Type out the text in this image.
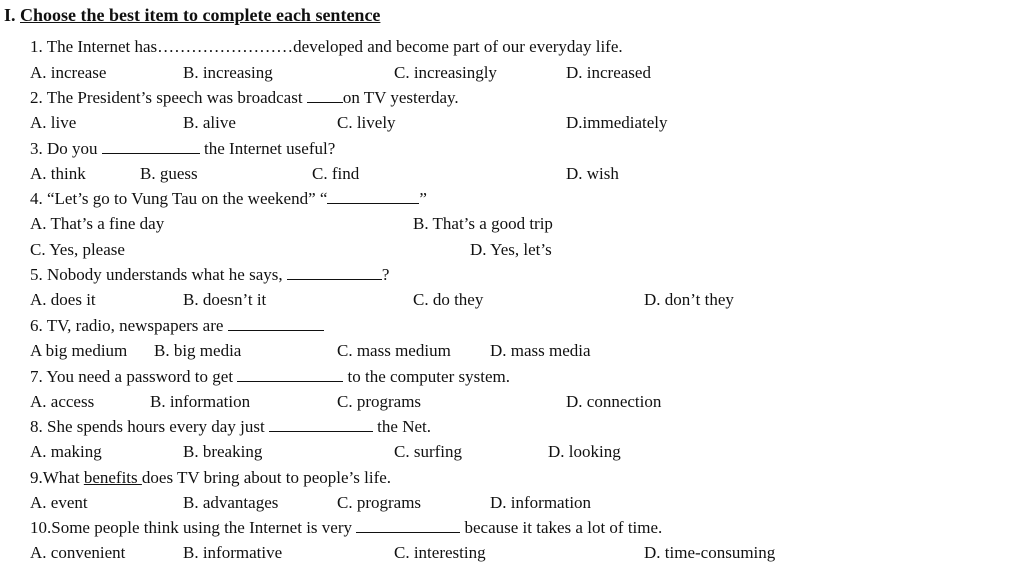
I. Choose the best item to complete each sentence
1. The Internet has……………………developed and become part of our everyday life.
A. increase	B. increasing	C. increasingly	D. increased
2. The President’s speech was broadcast on TV yesterday.
A. live	B. alive	C. lively	D.immediately
3. Do you	the Internet useful?
A. think	B. guess	C. find	D. wish
4. “Let’s go to Vung Tau on the weekend” “	”
A. That’s a fine day	B. That’s a good trip
C. Yes, please	D. Yes, let’s
5. Nobody understands what he says,	?
A. does it	B. doesn’t it	C. do they	D. don’t they
6. TV, radio, newspapers are
A big medium B. big media	C. mass medium D. mass media
7. You need a password to get	to the computer system.
A. access	B. information	C. programs	D. connection
8. She spends hours every day just	the Net.
A. making	B. breaking	C. surfing	D. looking
9.What benefits does TV bring about to people’s life.
A. event	B. advantages	C. programs	D. information
10.Some people think using the Internet is very	because it takes a lot of time.
A. convenient	B. informative	C. interesting	D. time-consuming
